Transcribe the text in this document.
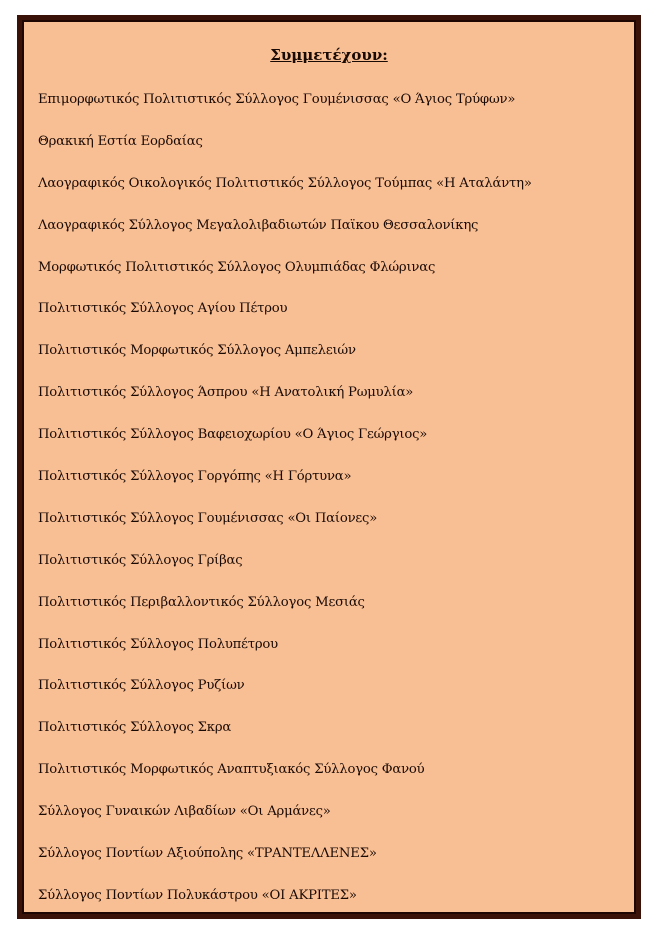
Συμμετέχουν:
Επιμορφωτικός Πολιτιστικός Σύλλογος Γουμένισσας «Ο Άγιος Τρύφων»
Θρακική Εστία Εορδαίας
Λαογραφικός Οικολογικός Πολιτιστικός Σύλλογος Τούμπας «Η Αταλάντη»
Λαογραφικός Σύλλογος Μεγαλολιβαδιωτών Παϊκου Θεσσαλονίκης
Μορφωτικός Πολιτιστικός Σύλλογος Ολυμπιάδας Φλώρινας
Πολιτιστικός Σύλλογος Αγίου Πέτρου
Πολιτιστικός Μορφωτικός Σύλλογος Αμπελειών
Πολιτιστικός Σύλλογος Άσπρου «Η Ανατολική Ρωμυλία»
Πολιτιστικός Σύλλογος Βαφειοχωρίου «Ο Άγιος Γεώργιος»
Πολιτιστικός Σύλλογος Γοργόπης «Η Γόρτυνα»
Πολιτιστικός Σύλλογος Γουμένισσας «Οι Παίονες»
Πολιτιστικός Σύλλογος Γρίβας
Πολιτιστικός Περιβαλλοντικός Σύλλογος Μεσιάς
Πολιτιστικός Σύλλογος Πολυπέτρου
Πολιτιστικός Σύλλογος Ρυζίων
Πολιτιστικός Σύλλογος Σκρα
Πολιτιστικός Μορφωτικός Αναπτυξιακός Σύλλογος Φανού
Σύλλογος Γυναικών Λιβαδίων «Οι Αρμάνες»
Σύλλογος Ποντίων Αξιούπολης «ΤΡΑΝΤΕΛΛΕΝΕΣ»
Σύλλογος Ποντίων Πολυκάστρου «ΟΙ ΑΚΡΙΤΕΣ»
